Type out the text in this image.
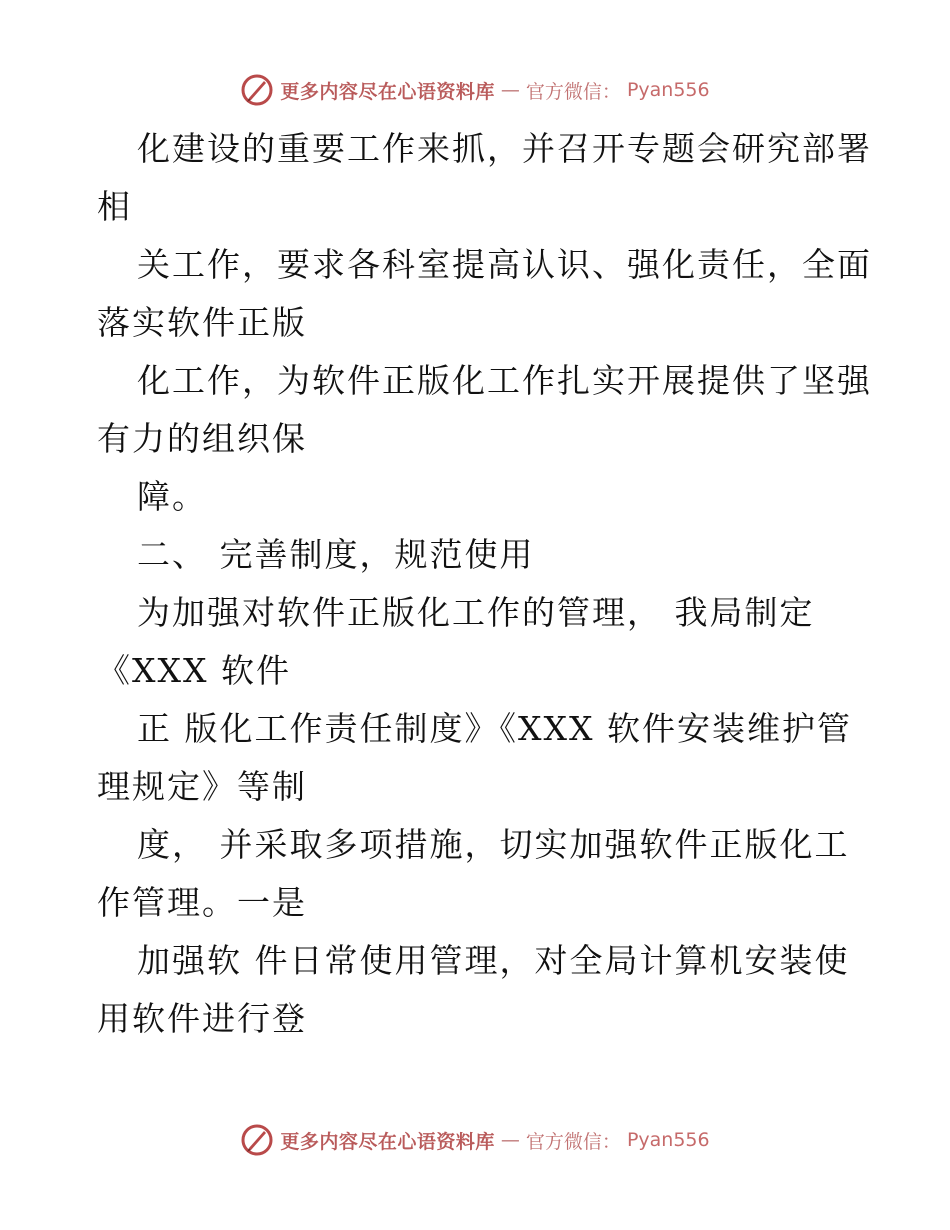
更多内容尽在心语资料库 — 官方微信： Pyan556
化建设的重要工作来抓，并召开专题会研究部署
相
关工作，要求各科室提高认识、强化责任，全面
落实软件正版
化工作，为软件正版化工作扎实开展提供了坚强
有力的组织保
障。
二、 完善制度，规范使用
为加强对软件正版化工作的管理， 我局制定
《XXX 软件
正 版化工作责任制度》《XXX 软件安装维护管
理规定》等制
度， 并采取多项措施，切实加强软件正版化工
作管理。一是
加强软 件日常使用管理，对全局计算机安装使
用软件进行登
更多内容尽在心语资料库 — 官方微信： Pyan556
